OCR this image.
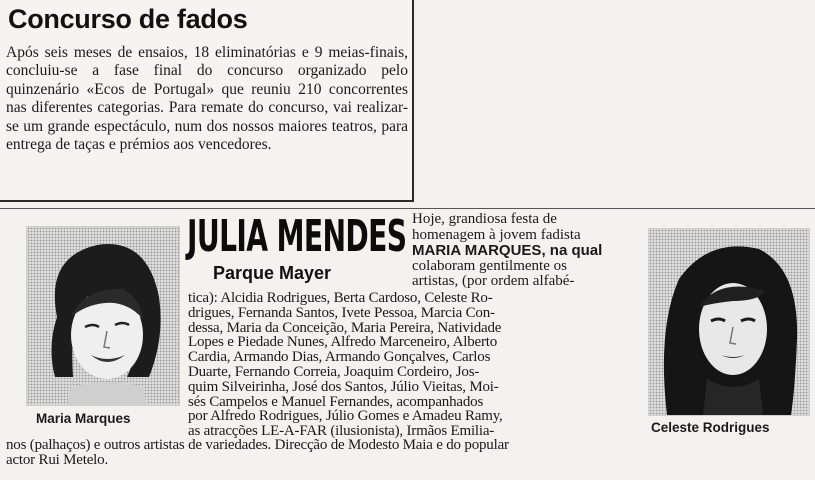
Concurso de fados
Após seis meses de ensaios, 18 eliminatórias e 9 meias-finais, concluiu-se a fase final do concurso organizado pelo quinzenário «Ecos de Portugal» que reuniu 210 concorrentes nas diferentes categorias. Para remate do concurso, vai realizar-se um grande espectáculo, num dos nossos maiores teatros, para entrega de taças e prémios aos vencedores.
Maria Marques
JULIA MENDES
Parque Mayer
Hoje, grandiosa festa de
homenagem à jovem fadista
MARIA MARQUES, na qual
colaboram gentilmente os
artistas, (por ordem alfabé-
tica): Alcidia Rodrigues, Berta Cardoso, Celeste Ro-
drigues, Fernanda Santos, Ivete Pessoa, Marcia Con-
dessa, Maria da Conceição, Maria Pereira, Natividade
Lopes e Piedade Nunes, Alfredo Marceneiro, Alberto
Cardia, Armando Dias, Armando Gonçalves, Carlos
Duarte, Fernando Correia, Joaquim Cordeiro, Jos-
quim Silveirinha, José dos Santos, Júlio Vieitas, Moi-
sés Campelos e Manuel Fernandes, acompanhados
por Alfredo Rodrigues, Júlio Gomes e Amadeu Ramy,
as atracções LE-A-FAR (ilusionista), Irmãos Emilia-
nos (palhaços) e outros artistas de variedades. Direcção de Modesto Maia e do popular
actor Rui Metelo.
Celeste Rodrigues
